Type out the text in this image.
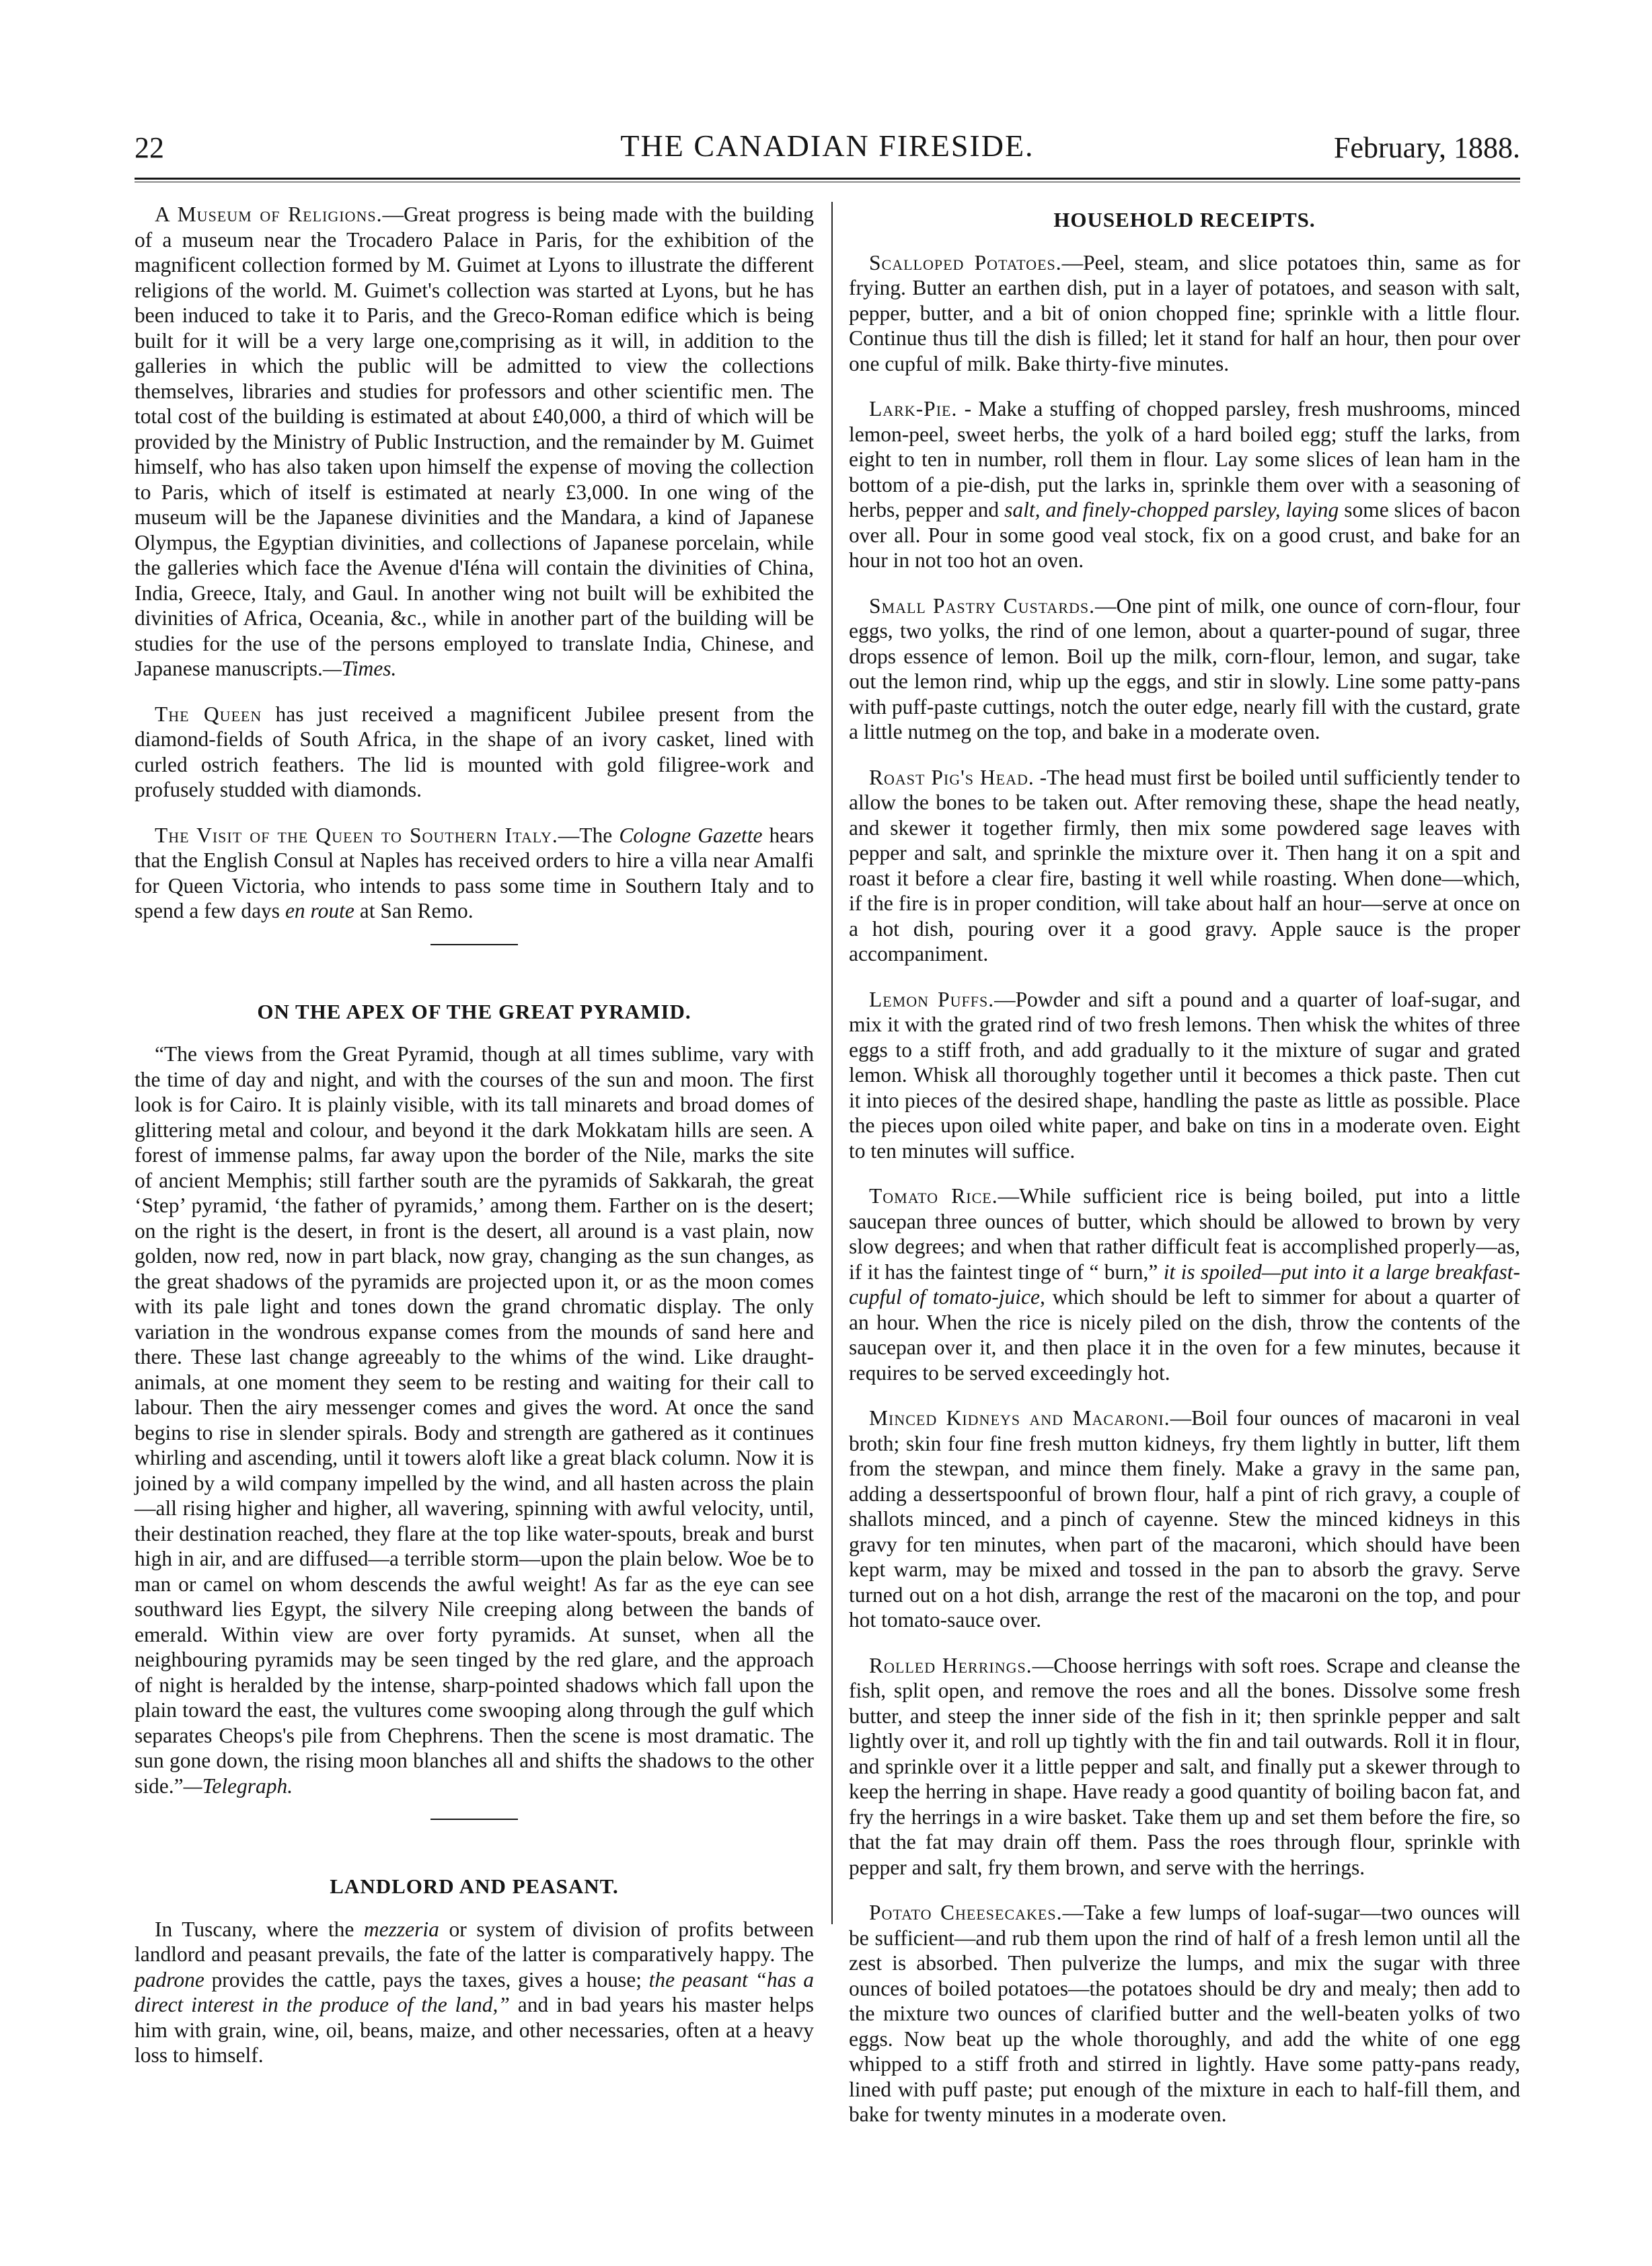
22	THE CANADIAN FIRESIDE.	February, 1888.

A Museum of Religions.—Great progress is being made with the building of a museum near the Trocadero Palace in Paris, for the exhibition of the magnificent collection formed by M. Guimet at Lyons to illustrate the different religions of the world. M. Guimet's collection was started at Lyons, but he has been induced to take it to Paris, and the Greco-Roman edifice which is being built for it will be a very large one,comprising as it will, in addition to the galleries in which the public will be admitted to view the collections themselves, libraries and studies for professors and other scientific men. The total cost of the building is estimated at about £40,000, a third of which will be provided by the Ministry of Public Instruction, and the remainder by M. Guimet himself, who has also taken upon himself the expense of moving the collection to Paris, which of itself is estimated at nearly £3,000. In one wing of the museum will be the Japanese divinities and the Mandara, a kind of Japanese Olympus, the Egyptian divinities, and collections of Japanese porcelain, while the galleries which face the Avenue d'Iéna will contain the divinities of China, India, Greece, Italy, and Gaul. In another wing not built will be exhibited the divinities of Africa, Oceania, &c., while in another part of the building will be studies for the use of the persons employed to translate India, Chinese, and Japanese manuscripts.—Times.

The Queen has just received a magnificent Jubilee present from the diamond-fields of South Africa, in the shape of an ivory casket, lined with curled ostrich feathers. The lid is mounted with gold filigree-work and profusely studded with diamonds.

The Visit of the Queen to Southern Italy.—The Cologne Gazette hears that the English Consul at Naples has received orders to hire a villa near Amalfi for Queen Victoria, who intends to pass some time in Southern Italy and to spend a few days en route at San Remo.

ON THE APEX OF THE GREAT PYRAMID.

“The views from the Great Pyramid, though at all times sublime, vary with the time of day and night, and with the courses of the sun and moon. The first look is for Cairo. It is plainly visible, with its tall minarets and broad domes of glittering metal and colour, and beyond it the dark Mokkatam hills are seen. A forest of immense palms, far away upon the border of the Nile, marks the site of ancient Memphis; still farther south are the pyramids of Sakkarah, the great ‘Step’ pyramid, ‘the father of pyramids,’ among them. Farther on is the desert; on the right is the desert, in front is the desert, all around is a vast plain, now golden, now red, now in part black, now gray, changing as the sun changes, as the great shadows of the pyramids are projected upon it, or as the moon comes with its pale light and tones down the grand chromatic display. The only variation in the wondrous expanse comes from the mounds of sand here and there. These last change agreeably to the whims of the wind. Like draught-animals, at one moment they seem to be resting and waiting for their call to labour. Then the airy messenger comes and gives the word. At once the sand begins to rise in slender spirals. Body and strength are gathered as it continues whirling and ascending, until it towers aloft like a great black column. Now it is joined by a wild company impelled by the wind, and all hasten across the plain—all rising higher and higher, all wavering, spinning with awful velocity, until, their destination reached, they flare at the top like water-spouts, break and burst high in air, and are diffused—a terrible storm—upon the plain below. Woe be to man or camel on whom descends the awful weight! As far as the eye can see southward lies Egypt, the silvery Nile creeping along between the bands of emerald. Within view are over forty pyramids. At sunset, when all the neighbouring pyramids may be seen tinged by the red glare, and the approach of night is heralded by the intense, sharp-pointed shadows which fall upon the plain toward the east, the vultures come swooping along through the gulf which separates Cheops's pile from Chephrens. Then the scene is most dramatic. The sun gone down, the rising moon blanches all and shifts the shadows to the other side.”—Telegraph.

LANDLORD AND PEASANT.

In Tuscany, where the mezzeria or system of division of profits between landlord and peasant prevails, the fate of the latter is comparatively happy. The padrone provides the cattle, pays the taxes, gives a house; the peasant “has a direct interest in the produce of the land,” and in bad years his master helps him with grain, wine, oil, beans, maize, and other necessaries, often at a heavy loss to himself.

HOUSEHOLD RECEIPTS.

Scalloped Potatoes.—Peel, steam, and slice potatoes thin, same as for frying. Butter an earthen dish, put in a layer of potatoes, and season with salt, pepper, butter, and a bit of onion chopped fine; sprinkle with a little flour. Continue thus till the dish is filled; let it stand for half an hour, then pour over one cupful of milk. Bake thirty-five minutes.

Lark-Pie. - Make a stuffing of chopped parsley, fresh mushrooms, minced lemon-peel, sweet herbs, the yolk of a hard boiled egg; stuff the larks, from eight to ten in number, roll them in flour. Lay some slices of lean ham in the bottom of a pie-dish, put the larks in, sprinkle them over with a seasoning of herbs, pepper and salt, and finely-chopped parsley, laying some slices of bacon over all. Pour in some good veal stock, fix on a good crust, and bake for an hour in not too hot an oven.

Small Pastry Custards.—One pint of milk, one ounce of corn-flour, four eggs, two yolks, the rind of one lemon, about a quarter-pound of sugar, three drops essence of lemon. Boil up the milk, corn-flour, lemon, and sugar, take out the lemon rind, whip up the eggs, and stir in slowly. Line some patty-pans with puff-paste cuttings, notch the outer edge, nearly fill with the custard, grate a little nutmeg on the top, and bake in a moderate oven.

Roast Pig's Head. -The head must first be boiled until sufficiently tender to allow the bones to be taken out. After removing these, shape the head neatly, and skewer it together firmly, then mix some powdered sage leaves with pepper and salt, and sprinkle the mixture over it. Then hang it on a spit and roast it before a clear fire, basting it well while roasting. When done—which, if the fire is in proper condition, will take about half an hour—serve at once on a hot dish, pouring over it a good gravy. Apple sauce is the proper accompaniment.

Lemon Puffs.—Powder and sift a pound and a quarter of loaf-sugar, and mix it with the grated rind of two fresh lemons. Then whisk the whites of three eggs to a stiff froth, and add gradually to it the mixture of sugar and grated lemon. Whisk all thoroughly together until it becomes a thick paste. Then cut it into pieces of the desired shape, handling the paste as little as possible. Place the pieces upon oiled white paper, and bake on tins in a moderate oven. Eight to ten minutes will suffice.

Tomato Rice.—While sufficient rice is being boiled, put into a little saucepan three ounces of butter, which should be allowed to brown by very slow degrees; and when that rather difficult feat is accomplished properly—as, if it has the faintest tinge of “ burn,” it is spoiled—put into it a large breakfast-cupful of tomato-juice, which should be left to simmer for about a quarter of an hour. When the rice is nicely piled on the dish, throw the contents of the saucepan over it, and then place it in the oven for a few minutes, because it requires to be served exceedingly hot.

Minced Kidneys and Macaroni.—Boil four ounces of macaroni in veal broth; skin four fine fresh mutton kidneys, fry them lightly in butter, lift them from the stewpan, and mince them finely. Make a gravy in the same pan, adding a dessertspoonful of brown flour, half a pint of rich gravy, a couple of shallots minced, and a pinch of cayenne. Stew the minced kidneys in this gravy for ten minutes, when part of the macaroni, which should have been kept warm, may be mixed and tossed in the pan to absorb the gravy. Serve turned out on a hot dish, arrange the rest of the macaroni on the top, and pour hot tomato-sauce over.

Rolled Herrings.—Choose herrings with soft roes. Scrape and cleanse the fish, split open, and remove the roes and all the bones. Dissolve some fresh butter, and steep the inner side of the fish in it; then sprinkle pepper and salt lightly over it, and roll up tightly with the fin and tail outwards. Roll it in flour, and sprinkle over it a little pepper and salt, and finally put a skewer through to keep the herring in shape. Have ready a good quantity of boiling bacon fat, and fry the herrings in a wire basket. Take them up and set them before the fire, so that the fat may drain off them. Pass the roes through flour, sprinkle with pepper and salt, fry them brown, and serve with the herrings.

Potato Cheesecakes.—Take a few lumps of loaf-sugar—two ounces will be sufficient—and rub them upon the rind of half of a fresh lemon until all the zest is absorbed. Then pulverize the lumps, and mix the sugar with three ounces of boiled potatoes—the potatoes should be dry and mealy; then add to the mixture two ounces of clarified butter and the well-beaten yolks of two eggs. Now beat up the whole thoroughly, and add the white of one egg whipped to a stiff froth and stirred in lightly. Have some patty-pans ready, lined with puff paste; put enough of the mixture in each to half-fill them, and bake for twenty minutes in a moderate oven.
